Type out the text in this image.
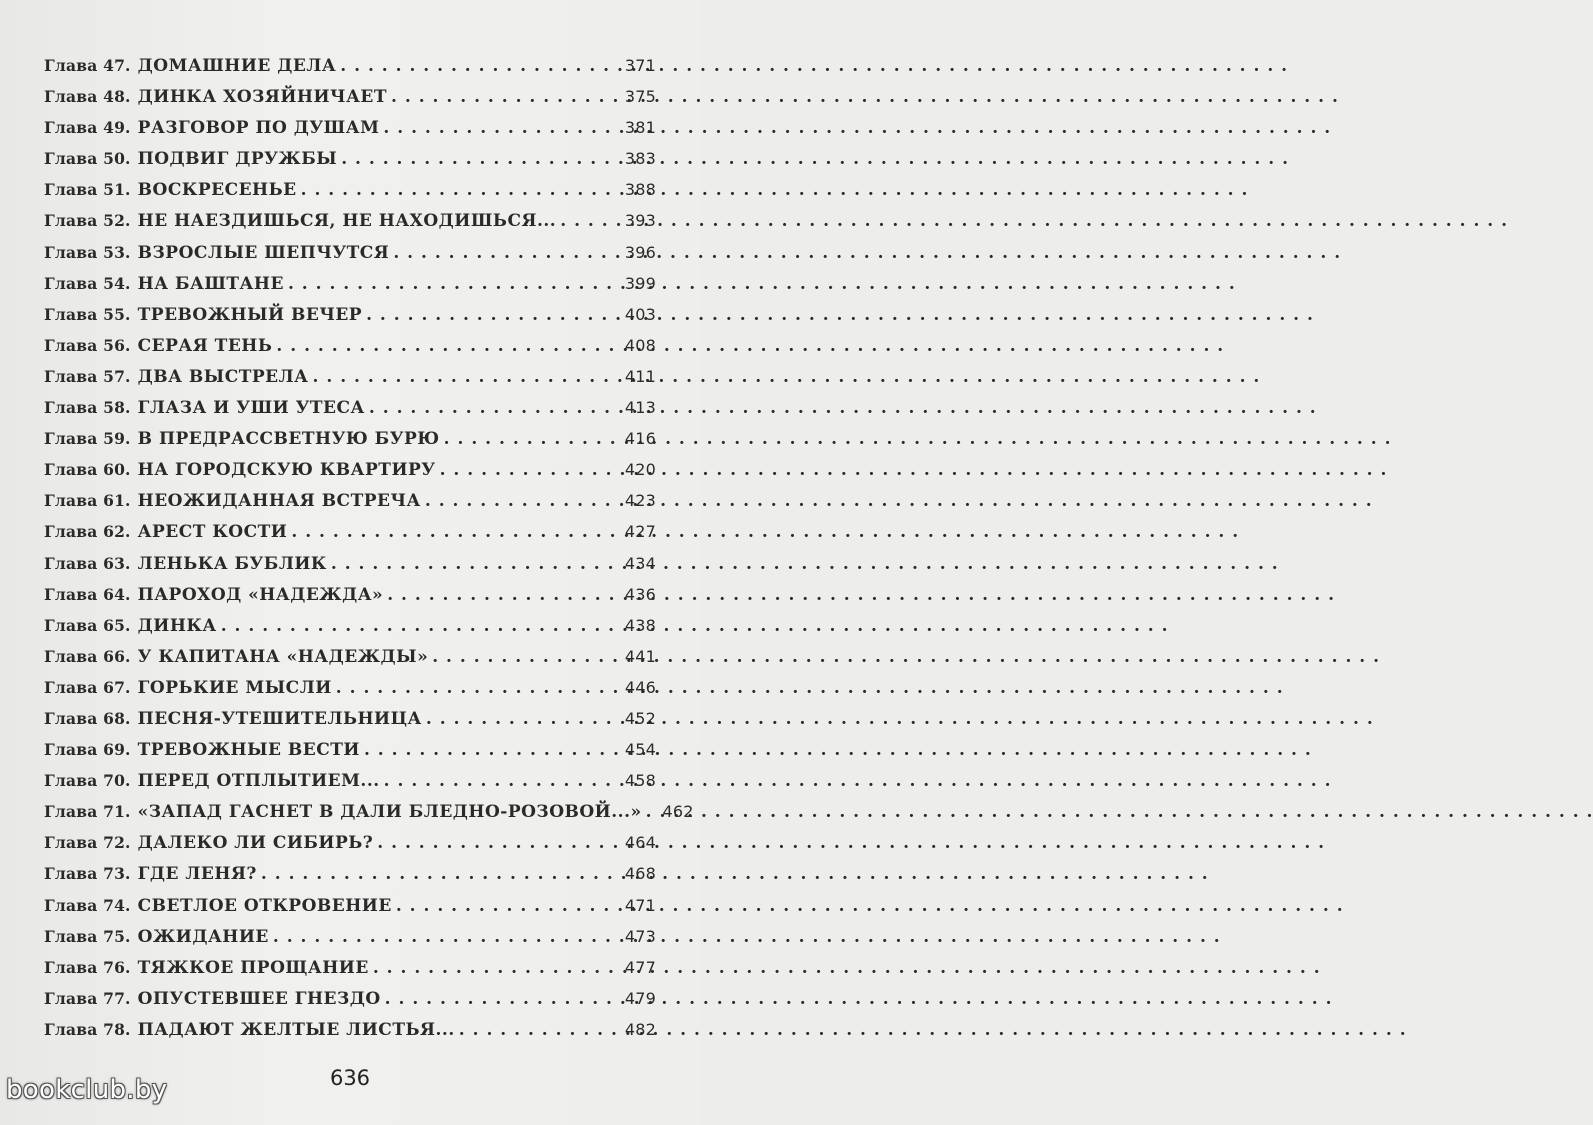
Глава 47. ДОМАШНИЕ ДЕЛА . . .	371
Глава 48. ДИНКА ХОЗЯЙНИЧАЕТ . . .	375
Глава 49. РАЗГОВОР ПО ДУШАМ . . .	381
Глава 50. ПОДВИГ ДРУЖБЫ . . .	383
Глава 51. ВОСКРЕСЕНЬЕ . . .	388
Глава 52. НЕ НАЕЗДИШЬСЯ, НЕ НАХОДИШЬСЯ... . . .	393
Глава 53. ВЗРОСЛЫЕ ШЕПЧУТСЯ . . .	396
Глава 54. НА БАШТАНЕ . . .	399
Глава 55. ТРЕВОЖНЫЙ ВЕЧЕР . . .	403
Глава 56. СЕРАЯ ТЕНЬ . . .	408
Глава 57. ДВА ВЫСТРЕЛА . . .	411
Глава 58. ГЛАЗА И УШИ УТЕСА . . .	413
Глава 59. В ПРЕДРАССВЕТНУЮ БУРЮ . . .	416
Глава 60. НА ГОРОДСКУЮ КВАРТИРУ . . .	420
Глава 61. НЕОЖИДАННАЯ ВСТРЕЧА . . .	423
Глава 62. АРЕСТ КОСТИ . . .	427
Глава 63. ЛЕНЬКА БУБЛИК . . .	434
Глава 64. ПАРОХОД «НАДЕЖДА» . . .	436
Глава 65. ДИНКА . . .	438
Глава 66. У КАПИТАНА «НАДЕЖДЫ» . . .	441
Глава 67. ГОРЬКИЕ МЫСЛИ . . .	446
Глава 68. ПЕСНЯ-УТЕШИТЕЛЬНИЦА . . .	452
Глава 69. ТРЕВОЖНЫЕ ВЕСТИ . . .	454
Глава 70. ПЕРЕД ОТПЛЫТИЕМ... . . .	458
Глава 71. «ЗАПАД ГАСНЕТ В ДАЛИ БЛЕДНО-РОЗОВОЙ...» . . . 462
Глава 72. ДАЛЕКО ЛИ СИБИРЬ? . . .	464
Глава 73. ГДЕ ЛЕНЯ? . . .	468
Глава 74. СВЕТЛОЕ ОТКРОВЕНИЕ . . .	471
Глава 75. ОЖИДАНИЕ . . .	473
Глава 76. ТЯЖКОЕ ПРОЩАНИЕ . . .	477
Глава 77. ОПУСТЕВШЕЕ ГНЕЗДО . . .	479
Глава 78. ПАДАЮТ ЖЕЛТЫЕ ЛИСТЬЯ... . . .	482
636
bookclub.by
